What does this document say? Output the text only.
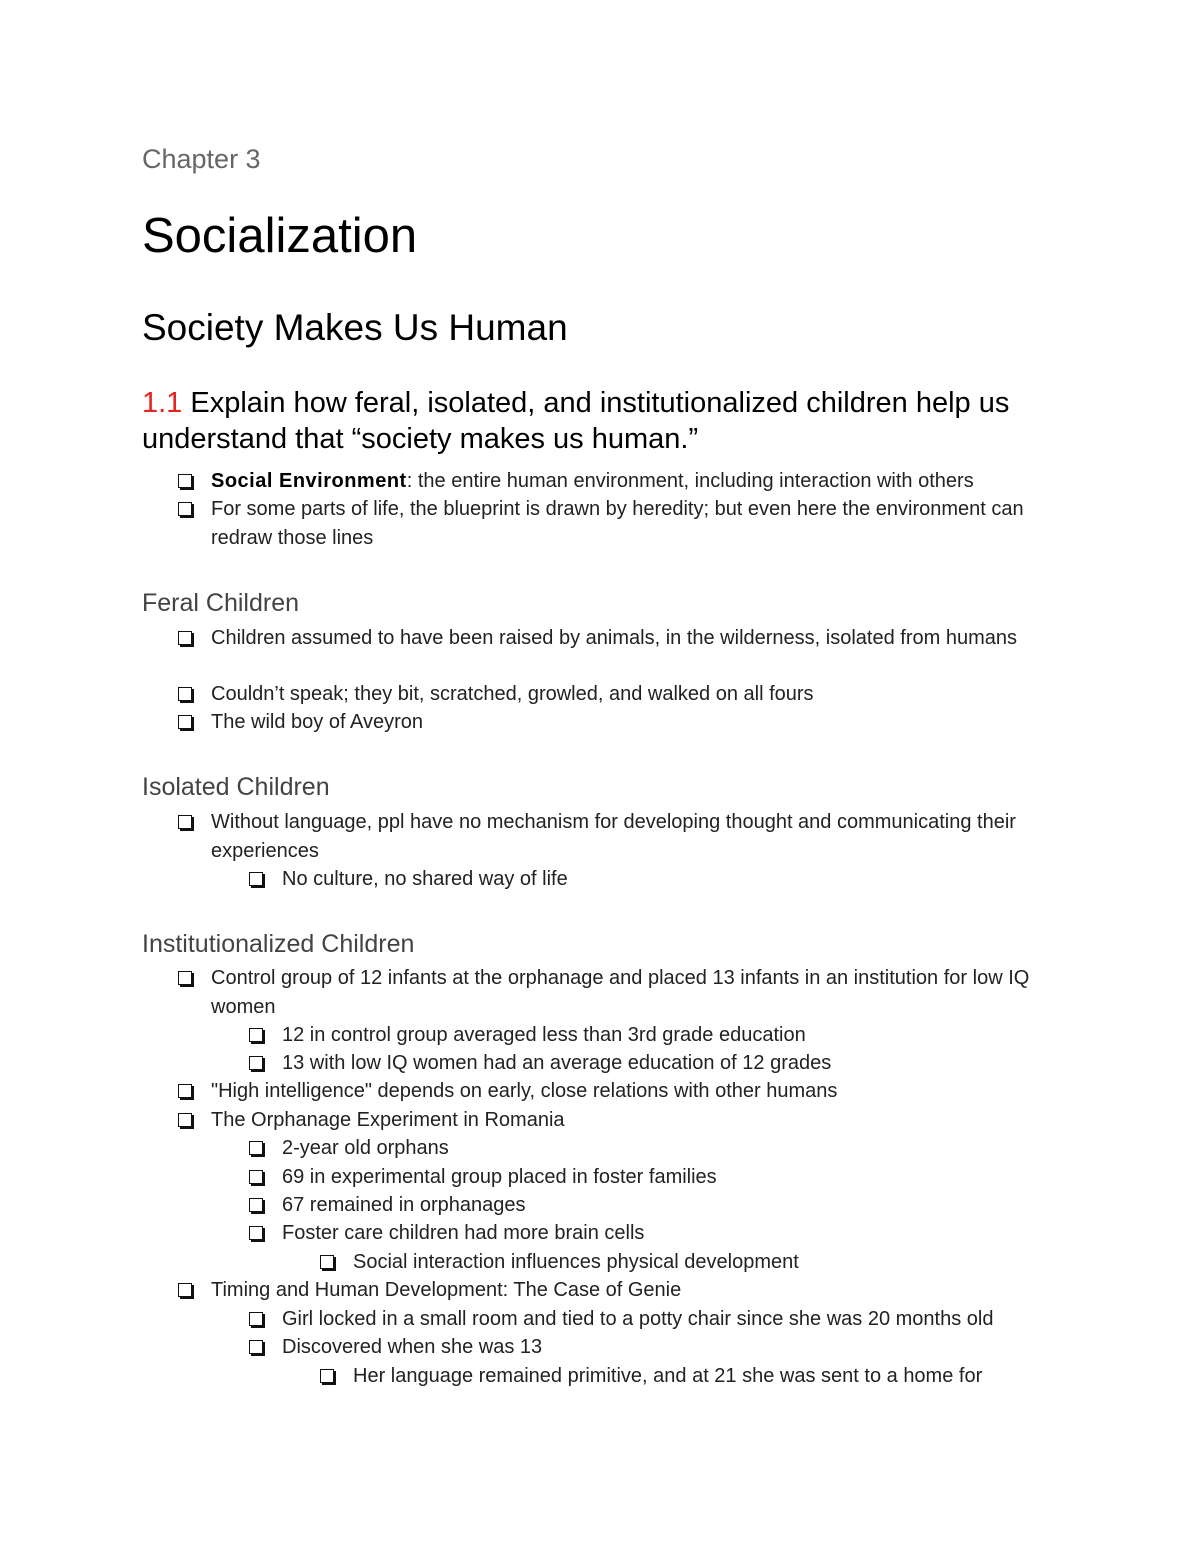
Chapter 3
Socialization
Society Makes Us Human
1.1 Explain how feral, isolated, and institutionalized children help us understand that “society makes us human.”
Social Environment: the entire human environment, including interaction with others
For some parts of life, the blueprint is drawn by heredity; but even here the environment can redraw those lines
Feral Children
Children assumed to have been raised by animals, in the wilderness, isolated from humans
Couldn’t speak; they bit, scratched, growled, and walked on all fours
The wild boy of Aveyron
Isolated Children
Without language, ppl have no mechanism for developing thought and communicating their experiences
No culture, no shared way of life
Institutionalized Children
Control group of 12 infants at the orphanage and placed 13 infants in an institution for low IQ women
12 in control group averaged less than 3rd grade education
13 with low IQ women had an average education of 12 grades
"High intelligence" depends on early, close relations with other humans
The Orphanage Experiment in Romania
2-year old orphans
69 in experimental group placed in foster families
67 remained in orphanages
Foster care children had more brain cells
Social interaction influences physical development
Timing and Human Development: The Case of Genie
Girl locked in a small room and tied to a potty chair since she was 20 months old
Discovered when she was 13
Her language remained primitive, and at 21 she was sent to a home for
